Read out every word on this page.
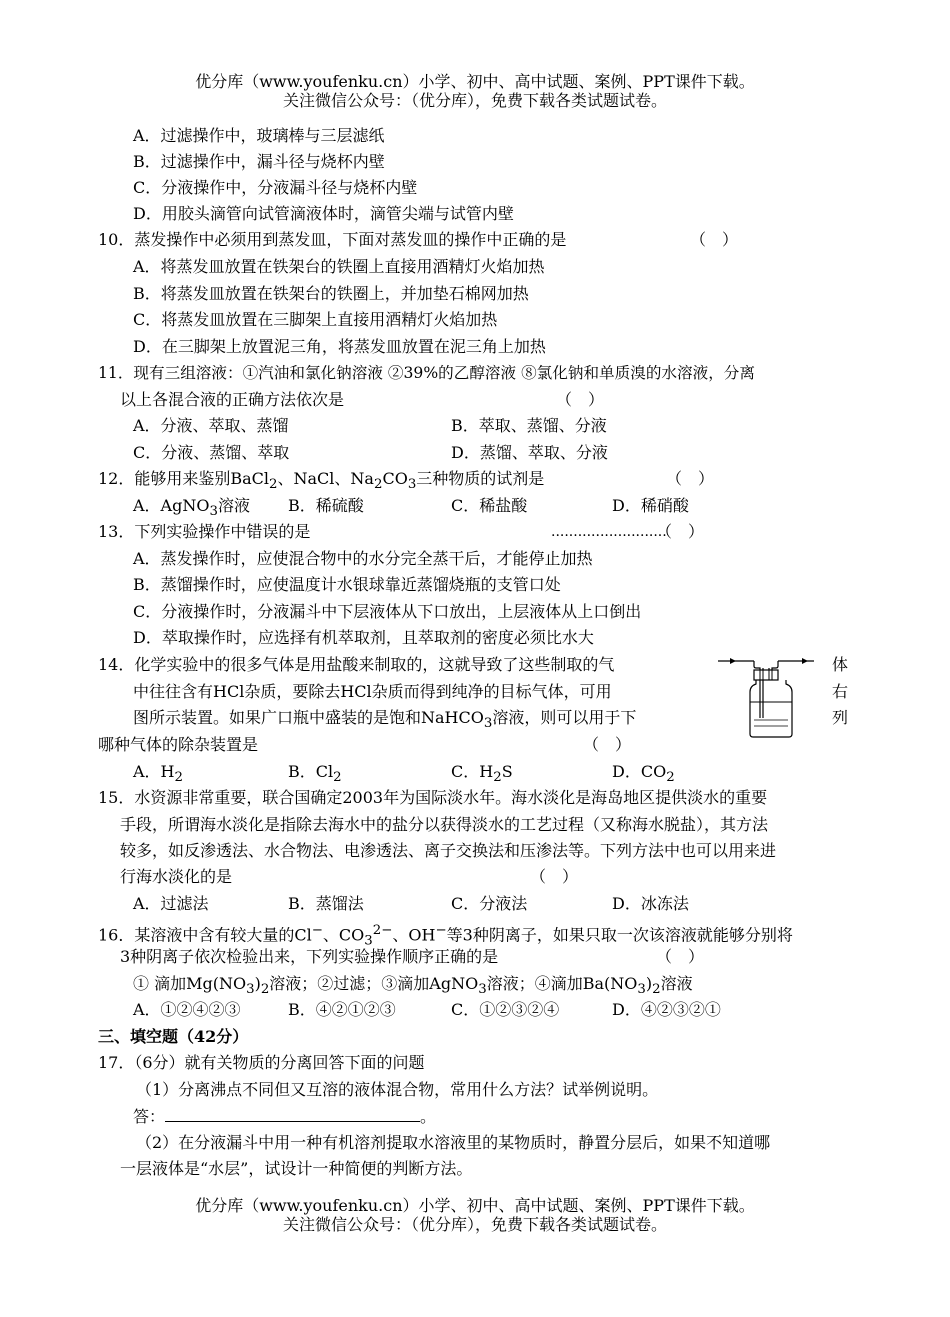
优分库（www.youfenku.cn）小学、初中、高中试题、案例、PPT课件下载。
关注微信公众号：（优分库），免费下载各类试题试卷。
A．过滤操作中，玻璃棒与三层滤纸
B．过滤操作中，漏斗径与烧杯内壁
C．分液操作中，分液漏斗径与烧杯内壁
D．用胶头滴管向试管滴液体时，滴管尖端与试管内壁
10．蒸发操作中必须用到蒸发皿，下面对蒸发皿的操作中正确的是	（　）
A．将蒸发皿放置在铁架台的铁圈上直接用酒精灯火焰加热
B．将蒸发皿放置在铁架台的铁圈上，并加垫石棉网加热
C．将蒸发皿放置在三脚架上直接用酒精灯火焰加热
D．在三脚架上放置泥三角，将蒸发皿放置在泥三角上加热
11．现有三组溶液：①汽油和氯化钠溶液 ②39%的乙醇溶液 ⑧氯化钠和单质溴的水溶液，分离
以上各混合液的正确方法依次是	（　）
A．分液、萃取、蒸馏	B．萃取、蒸馏、分液
C．分液、蒸馏、萃取	D．蒸馏、萃取、分液
12．能够用来鉴别BaCl$_2$、NaCl、$Na_2CO_3$三种物质的试剂是	（　）
A．AgNO$_3$溶液 B．稀硫酸	C．稀盐酸	D．稀硝酸
13．下列实验操作中错误的是	..........................
（　）
A．蒸发操作时，应使混合物中的水分完全蒸干后，才能停止加热
B．蒸馏操作时，应使温度计水银球靠近蒸馏烧瓶的支管口处
C．分液操作时，分液漏斗中下层液体从下口放出，上层液体从上口倒出
D．萃取操作时，应选择有机萃取剂，且萃取剂的密度必须比水大
14．化学实验中的很多气体是用盐酸来制取的，这就导致了这些制取的气	体
中往往含有HCl杂质，要除去HCl杂质而得到纯净的目标气体，可用	右
图所示装置。如果广口瓶中盛装的是饱和NaHCO$_3$溶液，则可以用于下	列
哪种气体的除杂装置是	（　）
A．$H_2$	B．$Cl_2$	C．$H_2S$	D．$CO_2$
15．水资源非常重要，联合国确定2003年为国际淡水年。海水淡化是海岛地区提供淡水的重要
手段，所谓海水淡化是指除去海水中的盐分以获得淡水的工艺过程（又称海水脱盐），其方法
较多，如反渗透法、水合物法、电渗透法、离子交换法和压渗法等。下列方法中也可以用来进
行海水淡化的是	（　）
A．过滤法	B．蒸馏法	C．分液法	D．冰冻法
16．某溶液中含有较大量的Cl−、$CO_3^{2-}$、OH−等3种阴离子，如果只取一次该溶液就能够分别将
3种阴离子依次检验出来，下列实验操作顺序正确的是	（　）
① 滴加$Mg(NO_3)_2$溶液；②过滤；③滴加AgNO$_3$溶液；④滴加$Ba(NO_3)_2$溶液
A．①②④②③	B．④②①②③	C．①②③②④	D．④②③②①
三、填空题（42分）
17．（6分）就有关物质的分离回答下面的问题
（1）分离沸点不同但又互溶的液体混合物，常用什么方法？试举例说明。
答：	。
（2）在分液漏斗中用一种有机溶剂提取水溶液里的某物质时，静置分层后，如果不知道哪
一层液体是“水层”，试设计一种简便的判断方法。
优分库（www.youfenku.cn）小学、初中、高中试题、案例、PPT课件下载。
关注微信公众号：（优分库），免费下载各类试题试卷。
